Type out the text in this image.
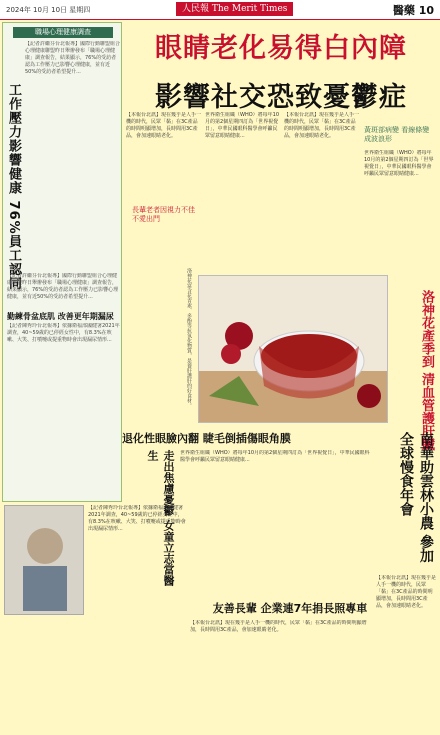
2024年 10月 10日 星期四	人民報 The Merit Times	醫藥 10
職場心理健康調查
【記者許繼芬台北報導】國際行動聯盟組合心理健康聯盟昨日舉辦發布「職場心理健康」調查報告，結果顯示，76%的受訪者認為工作壓力已影響心理健康，並有近50%的受訪者希望提升...
工作壓力影響健康 76%員工認同
【記者許繼芬台北報導】國際行動聯盟組合心理健康聯盟昨日舉辦發布「職場心理健康」調查報告，結果顯示，76%的受訪者認為工作壓力已影響心理健康，並有近50%的受訪者希望提升...
勤練骨盆底肌 改善更年期漏尿
【記者陳秀玲台北報導】依據衛福部國健署2021年調查，40~59歲的已停經女性中，有8.3%在咳嗽、大笑、打噴嚏或提重物時會出現漏尿情形...
眼睛老化易得白內障
影響社交恐致憂鬱症
【本報台北訊】現在幾乎是人手一機的時代，民眾「黏」在3C產品的時間明顯增加，長時間用3C產品，會加速眼睛老化。
長輩老者因視力不佳 不愛出門
世界衛生組織（WHO）將每年10月的第2個星期四訂為「世界視覺日」，中華民國眼科醫學會呼籲民眾留意眼睛健康...
【本報台北訊】現在幾乎是人手一機的時代，民眾「黏」在3C產品的時間明顯增加，長時間用3C產品，會加速眼睛老化。
黃斑部病變 看線條變成波浪形
世界衛生組織（WHO）將每年10月的第2個星期四訂為「世界視覺日」，中華民國眼科醫學會呼籲民眾留意眼睛健康...
洛神花富含花青素、多酚等抗氧化物質，是養肝護肝的好食材。	洛神花產季到 清血管護肝臟
退化性眼臉內翻 睫毛倒插傷眼角膜
世界衛生組織（WHO）將每年10月的第2個星期四訂為「世界視覺日」，中華民國眼科醫學會呼籲民眾留意眼睛健康...
走出焦慮憂鬱 女童立志當醫生	南華助雲林小農 參加全球慢食年會
【本報台北訊】現在幾乎是人手一機的時代，民眾「黏」在3C產品的時間明顯增加，長時間用3C產品，會加速眼睛老化。
【記者陳秀玲台北報導】依據衛福部國健署2021年調查，40~59歲的已停經女性中，有8.3%在咳嗽、大笑、打噴嚏或提重物時會出現漏尿情形...
友善長輩 企業連7年捐長照專車
【本報台北訊】現在幾乎是人手一機的時代，民眾「黏」在3C產品的時間明顯增加，長時間用3C產品，會加速眼睛老化。
